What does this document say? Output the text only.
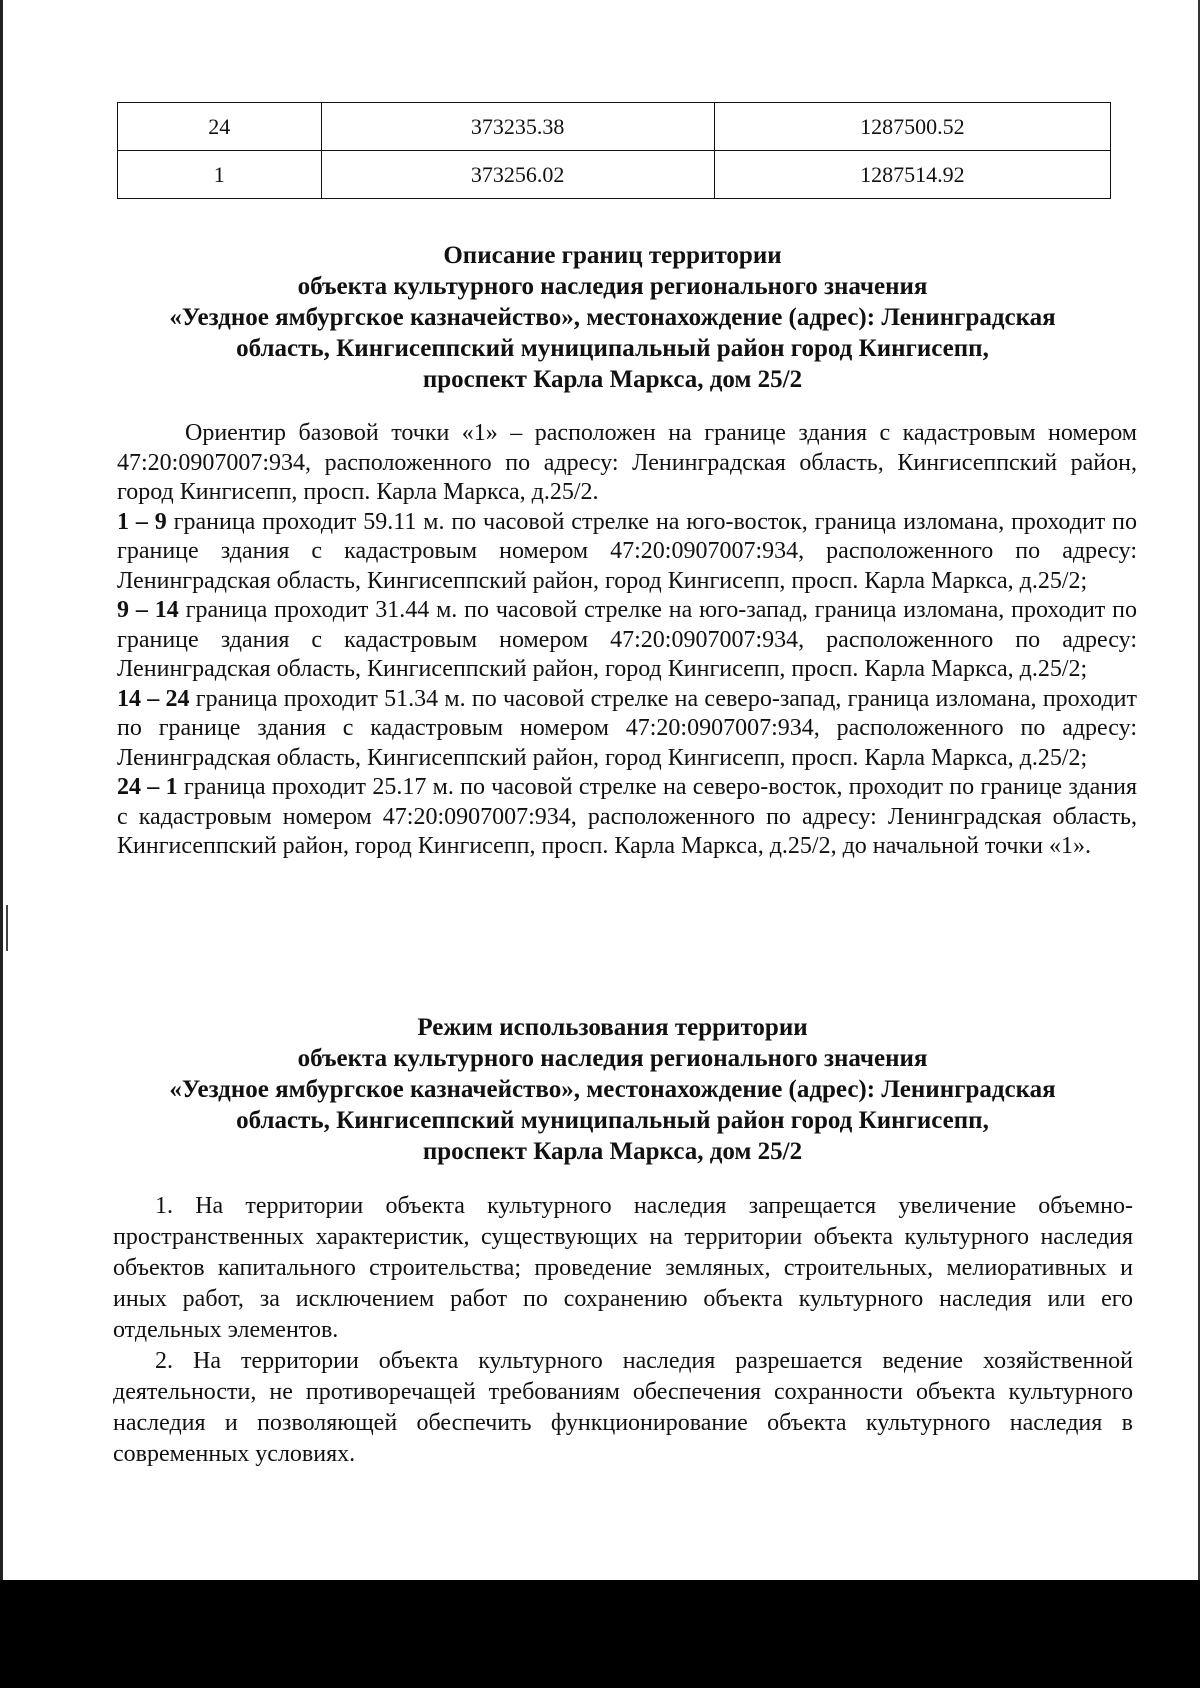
24	373235.38	1287500.52
1	373256.02	1287514.92
Описание границ территории
объекта культурного наследия регионального значения
«Уездное ямбургское казначейство», местонахождение (адрес): Ленинградская
область, Кингисеппский муниципальный район город Кингисепп,
проспект Карла Маркса, дом 25/2

Ориентир базовой точки «1» – расположен на границе здания с кадастровым номером 47:20:0907007:934, расположенного по адресу: Ленинградская область, Кингисеппский район, город Кингисепп, просп. Карла Маркса, д.25/2.

1 – 9 граница проходит 59.11 м. по часовой стрелке на юго-восток, граница изломана, проходит по границе здания с кадастровым номером 47:20:0907007:934, расположенного по адресу: Ленинградская область, Кингисеппский район, город Кингисепп, просп. Карла Маркса, д.25/2;

9 – 14 граница проходит 31.44 м. по часовой стрелке на юго-запад, граница изломана, проходит по границе здания с кадастровым номером 47:20:0907007:934, расположенного по адресу: Ленинградская область, Кингисеппский район, город Кингисепп, просп. Карла Маркса, д.25/2;

14 – 24 граница проходит 51.34 м. по часовой стрелке на северо-запад, граница изломана, проходит по границе здания с кадастровым номером 47:20:0907007:934, расположенного по адресу: Ленинградская область, Кингисеппский район, город Кингисепп, просп. Карла Маркса, д.25/2;

24 – 1 граница проходит 25.17 м. по часовой стрелке на северо-восток, проходит по границе здания с кадастровым номером 47:20:0907007:934, расположенного по адресу: Ленинградская область, Кингисеппский район, город Кингисепп, просп. Карла Маркса, д.25/2, до начальной точки «1».

Режим использования территории
объекта культурного наследия регионального значения
«Уездное ямбургское казначейство», местонахождение (адрес): Ленинградская
область, Кингисеппский муниципальный район город Кингисепп,
проспект Карла Маркса, дом 25/2

1. На территории объекта культурного наследия запрещается увеличение объемно-пространственных характеристик, существующих на территории объекта культурного наследия объектов капитального строительства; проведение земляных, строительных, мелиоративных и иных работ, за исключением работ по сохранению объекта культурного наследия или его отдельных элементов.

2. На территории объекта культурного наследия разрешается ведение хозяйственной деятельности, не противоречащей требованиям обеспечения сохранности объекта культурного наследия и позволяющей обеспечить функционирование объекта культурного наследия в современных условиях.
